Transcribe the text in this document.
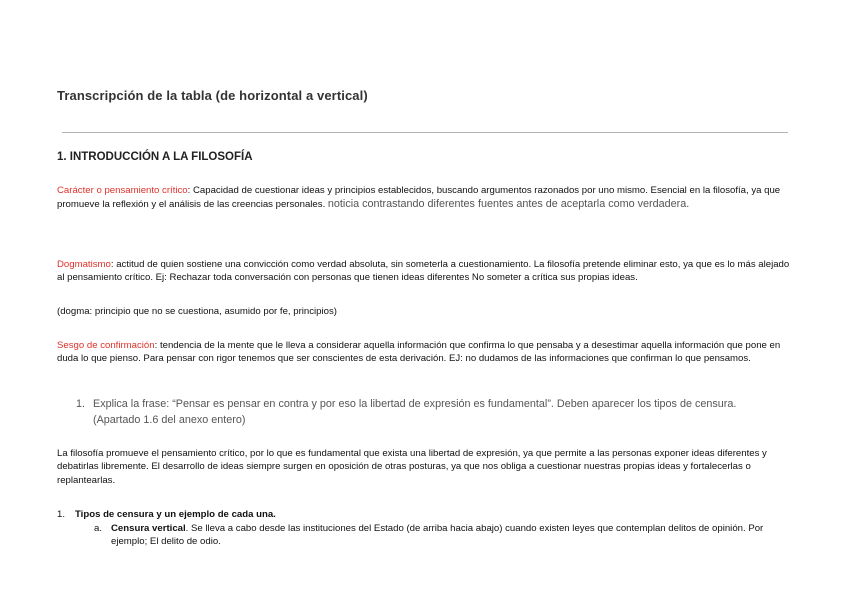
Transcripción de la tabla (de horizontal a vertical)
1. INTRODUCCIÓN A LA FILOSOFÍA
Carácter o pensamiento crítico: Capacidad de cuestionar ideas y principios establecidos, buscando argumentos razonados por uno mismo. Esencial en la filosofía, ya que promueve la reflexión y el análisis de las creencias personales. noticia contrastando diferentes fuentes antes de aceptarla como verdadera.
Dogmatismo: actitud de quien sostiene una convicción como verdad absoluta, sin someterla a cuestionamiento. La filosofía pretende eliminar esto, ya que es lo más alejado al pensamiento crítico. Ej: Rechazar toda conversación con personas que tienen ideas diferentes No someter a crítica sus propias ideas.
(dogma: principio que no se cuestiona, asumido por fe, principios)
Sesgo de confirmación: tendencia de la mente que le lleva a considerar aquella información que confirma lo que pensaba y a desestimar aquella información que pone en duda lo que pienso. Para pensar con rigor tenemos que ser conscientes de esta derivación. EJ: no dudamos de las informaciones que confirman lo que pensamos.
1. Explica la frase: “Pensar es pensar en contra y por eso la libertad de expresión es fundamental”. Deben aparecer los tipos de censura. (Apartado 1.6 del anexo entero)
La filosofía promueve el pensamiento crítico, por lo que es fundamental que exista una libertad de expresión, ya que permite a las personas exponer ideas diferentes y debatirlas libremente. El desarrollo de ideas siempre surgen en oposición de otras posturas, ya que nos obliga a cuestionar nuestras propias ideas y fortalecerlas o replantearlas.
1.	Tipos de censura y un ejemplo de cada una.
a. Censura vertical. Se lleva a cabo desde las instituciones del Estado (de arriba hacia abajo) cuando existen leyes que contemplan delitos de opinión. Por ejemplo; El delito de odio.
